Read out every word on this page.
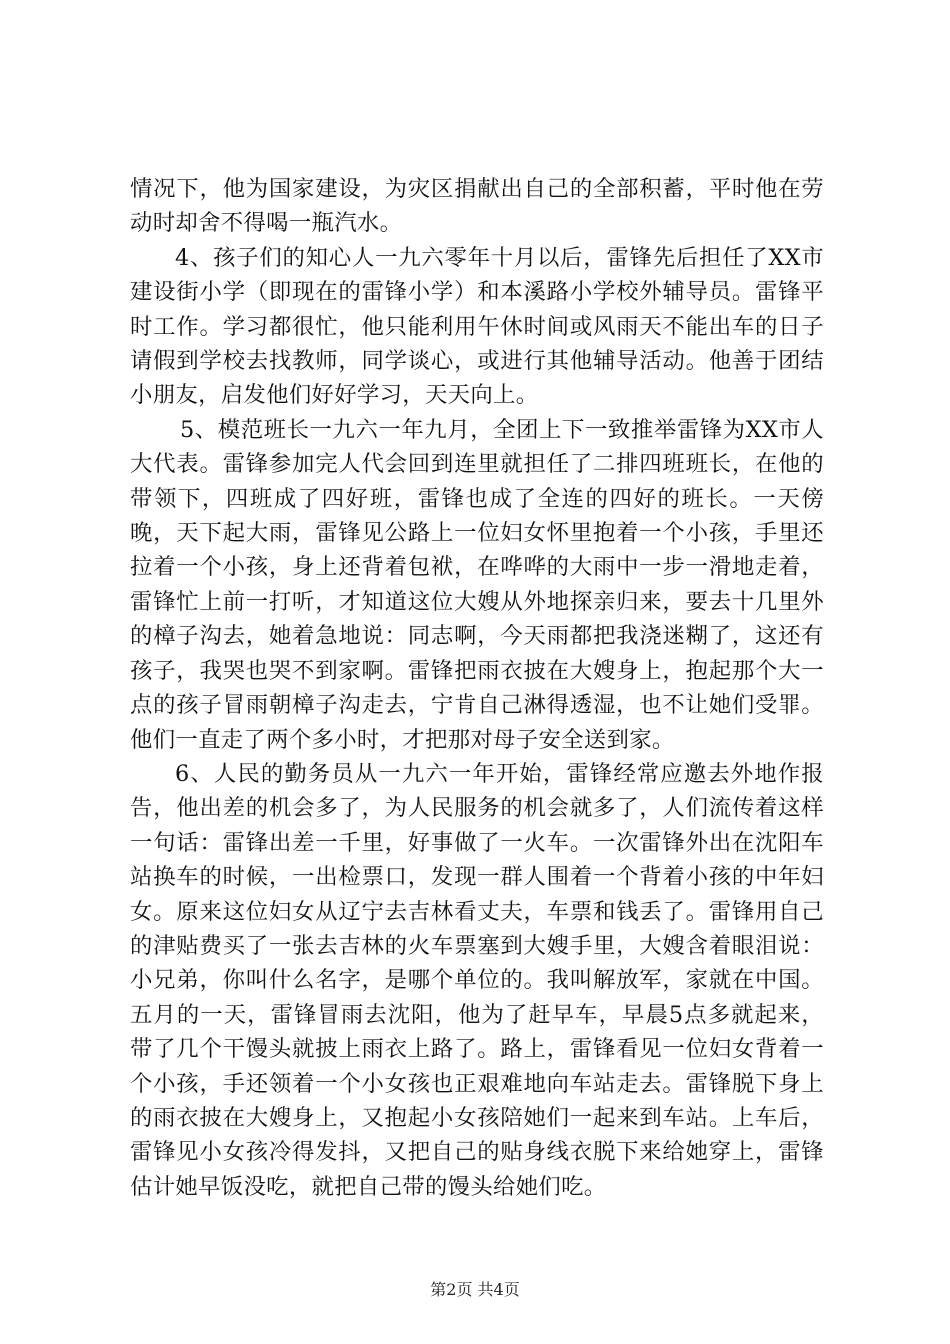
情况下，他为国家建设，为灾区捐献出自己的全部积蓄，平时他在劳动时却舍不得喝一瓶汽水。

4、孩子们的知心人一九六零年十月以后，雷锋先后担任了XX市建设街小学（即现在的雷锋小学）和本溪路小学校外辅导员。雷锋平时工作。学习都很忙，他只能利用午休时间或风雨天不能出车的日子请假到学校去找教师，同学谈心，或进行其他辅导活动。他善于团结小朋友，启发他们好好学习，天天向上。

5、模范班长一九六一年九月，全团上下一致推举雷锋为XX市人大代表。雷锋参加完人代会回到连里就担任了二排四班班长，在他的带领下，四班成了四好班，雷锋也成了全连的四好的班长。一天傍晚，天下起大雨，雷锋见公路上一位妇女怀里抱着一个小孩，手里还拉着一个小孩，身上还背着包袱，在哗哗的大雨中一步一滑地走着，雷锋忙上前一打听，才知道这位大嫂从外地探亲归来，要去十几里外的樟子沟去，她着急地说：同志啊，今天雨都把我浇迷糊了，这还有孩子，我哭也哭不到家啊。雷锋把雨衣披在大嫂身上，抱起那个大一点的孩子冒雨朝樟子沟走去，宁肯自己淋得透湿，也不让她们受罪。他们一直走了两个多小时，才把那对母子安全送到家。

6、人民的勤务员从一九六一年开始，雷锋经常应邀去外地作报告，他出差的机会多了，为人民服务的机会就多了，人们流传着这样一句话：雷锋出差一千里，好事做了一火车。一次雷锋外出在沈阳车站换车的时候，一出检票口，发现一群人围着一个背着小孩的中年妇女。原来这位妇女从辽宁去吉林看丈夫，车票和钱丢了。雷锋用自己的津贴费买了一张去吉林的火车票塞到大嫂手里，大嫂含着眼泪说：小兄弟，你叫什么名字，是哪个单位的。我叫解放军，家就在中国。五月的一天，雷锋冒雨去沈阳，他为了赶早车，早晨5点多就起来，带了几个干馒头就披上雨衣上路了。路上，雷锋看见一位妇女背着一个小孩，手还领着一个小女孩也正艰难地向车站走去。雷锋脱下身上的雨衣披在大嫂身上，又抱起小女孩陪她们一起来到车站。上车后，雷锋见小女孩冷得发抖，又把自己的贴身线衣脱下来给她穿上，雷锋估计她早饭没吃，就把自己带的馒头给她们吃。

第2页 共4页
